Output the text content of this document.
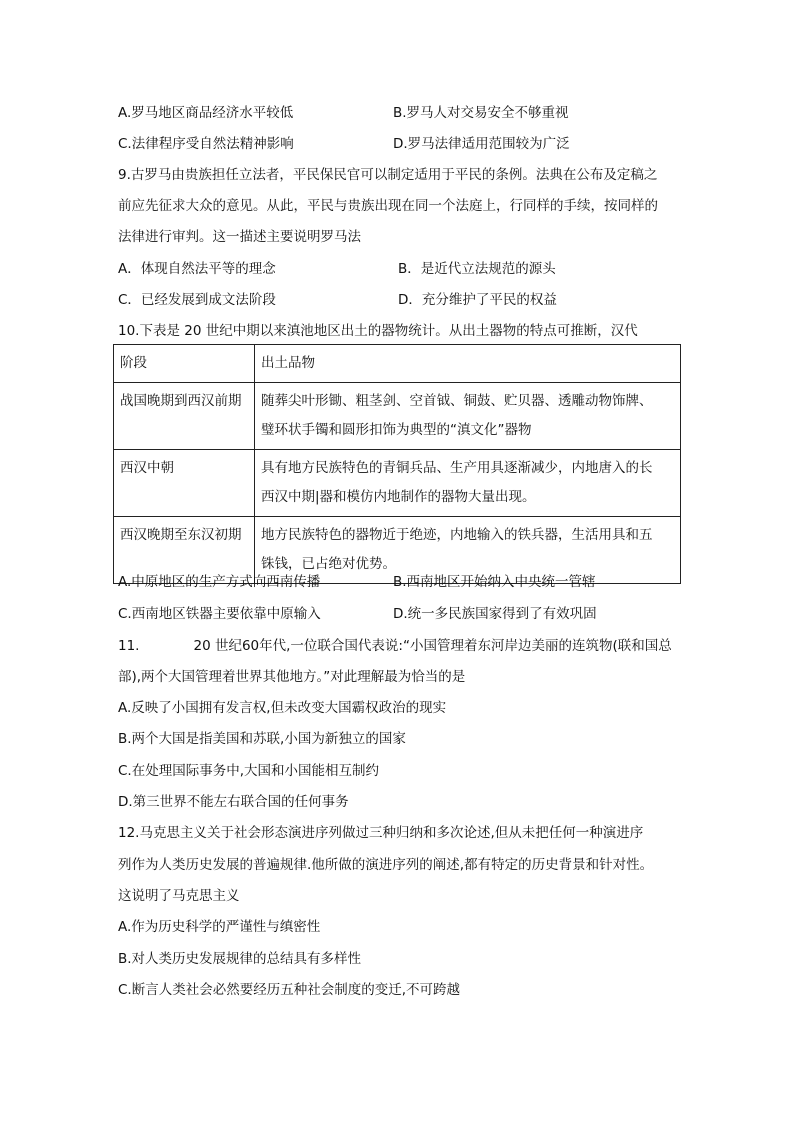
A.罗马地区商品经济水平较低	B.罗马人对交易安全不够重视
C.法律程序受自然法精神影响	D.罗马法律适用范围较为广泛
9.古罗马由贵族担任立法者，平民保民官可以制定适用于平民的条例。法典在公布及定稿之
前应先征求大众的意见。从此，平民与贵族出现在同一个法庭上，行同样的手续，按同样的
法律进行审判。这一描述主要说明罗马法
A．体现自然法平等的理念	B．是近代立法规范的源头
C．已经发展到成文法阶段	D．充分维护了平民的权益
10.下表是 20 世纪中期以来滇池地区出土的器物统计。从出土器物的特点可推断，汉代
阶段	出土品物
战国晚期到西汉前期	随葬尖叶形锄、粗茎剑、空首钺、铜鼓、贮贝器、透雕动物饰牌、
璧环状手镯和圆形扣饰为典型的“滇文化”器物

西汉中朝	具有地方民族特色的青铜兵品、生产用具逐渐减少，内地唐入的长
西汉中期|器和模仿内地制作的器物大量出现。

西汉晚期至东汉初期	地方民族特色的器物近于绝迹，内地输入的铁兵器，生活用具和五
铢钱，已占绝对优势。
A.中原地区的生产方式向西南传播	B.西南地区开始纳入中央统一管辖
C.西南地区铁器主要依靠中原输入	D.统一多民族国家得到了有效巩固
11.	20 世纪60年代,一位联合国代表说:“小国管理着东河岸边美丽的连筑物(联和国总
部),两个大国管理着世界其他地方。”对此理解最为恰当的是
A.反映了小国拥有发言权,但未改变大国霸权政治的现实
B.两个大国是指美国和苏联,小国为新独立的国家
C.在处理国际事务中,大国和小国能相互制约
D.第三世界不能左右联合国的任何事务
12.马克思主义关于社会形态演进序列做过三种归纳和多次论述,但从未把任何一种演进序
列作为人类历史发展的普遍规律.他所做的演进序列的阐述,都有特定的历史背景和针对性。
这说明了马克思主义
A.作为历史科学的严谨性与缜密性
B.对人类历史发展规律的总结具有多样性
C.断言人类社会必然要经历五种社会制度的变迁,不可跨越
